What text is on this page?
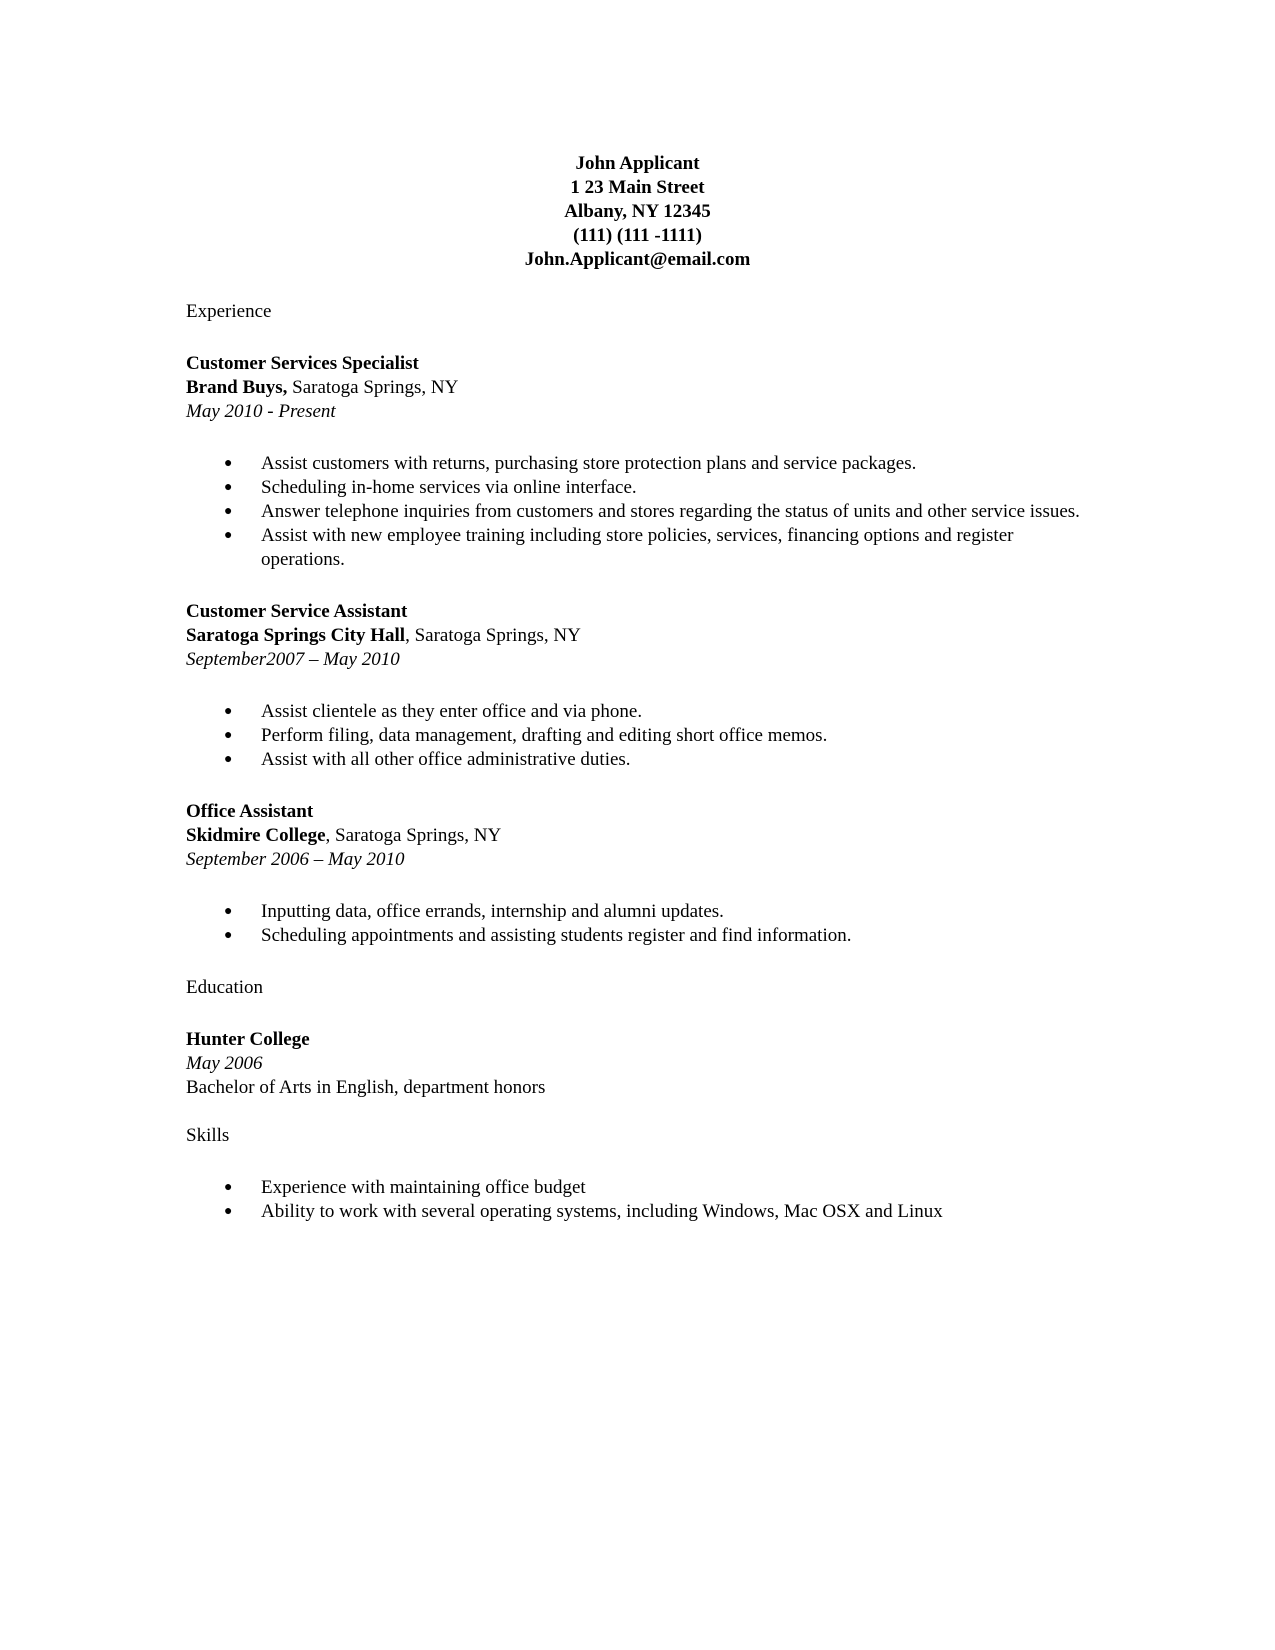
John Applicant
1 23 Main Street
Albany, NY 12345
(111) (111 -1111)
John.Applicant@email.com
Experience
Customer Services Specialist
Brand Buys, Saratoga Springs, NY
May 2010 - Present
● Assist customers with returns, purchasing store protection plans and service packages.
● Scheduling in-home services via online interface.
● Answer telephone inquiries from customers and stores regarding the status of units and other service issues.
● Assist with new employee training including store policies, services, financing options and register operations.
Customer Service Assistant
Saratoga Springs City Hall, Saratoga Springs, NY
September2007 – May 2010
● Assist clientele as they enter office and via phone.
● Perform filing, data management, drafting and editing short office memos.
● Assist with all other office administrative duties.
Office Assistant
Skidmire College, Saratoga Springs, NY
September 2006 – May 2010
● Inputting data, office errands, internship and alumni updates.
● Scheduling appointments and assisting students register and find information.
Education
Hunter College
May 2006
Bachelor of Arts in English, department honors
Skills
● Experience with maintaining office budget
● Ability to work with several operating systems, including Windows, Mac OSX and Linux
